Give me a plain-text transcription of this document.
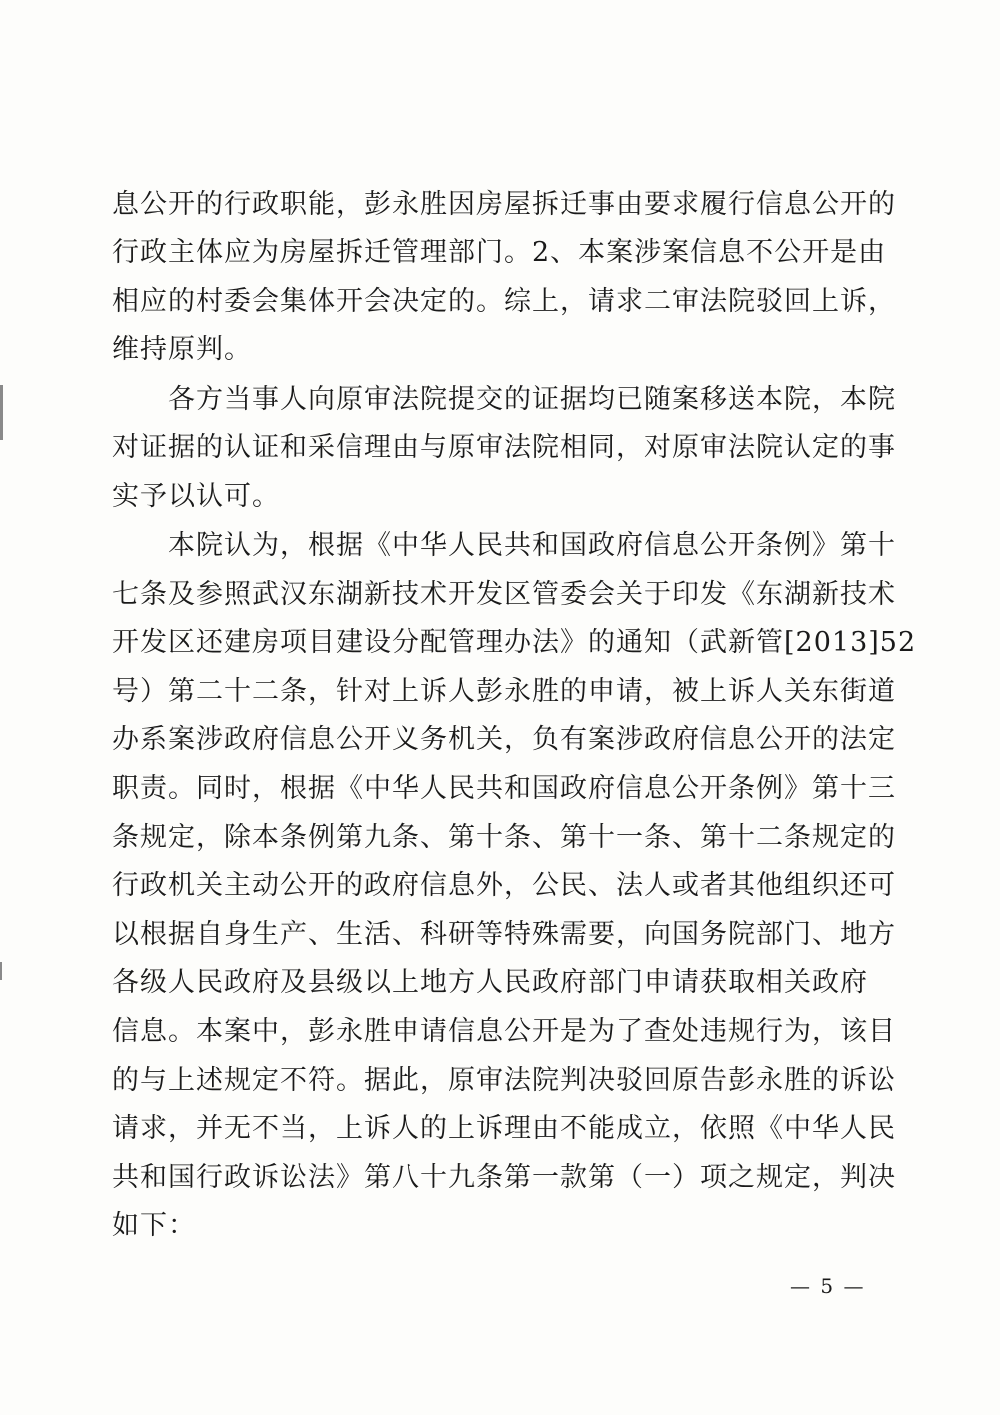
息公开的行政职能，彭永胜因房屋拆迁事由要求履行信息公开的
行政主体应为房屋拆迁管理部门。2、本案涉案信息不公开是由
相应的村委会集体开会决定的。综上，请求二审法院驳回上诉，
维持原判。
各方当事人向原审法院提交的证据均已随案移送本院，本院
对证据的认证和采信理由与原审法院相同，对原审法院认定的事
实予以认可。
本院认为，根据《中华人民共和国政府信息公开条例》第十
七条及参照武汉东湖新技术开发区管委会关于印发《东湖新技术
开发区还建房项目建设分配管理办法》的通知（武新管[2013]52
号）第二十二条，针对上诉人彭永胜的申请，被上诉人关东街道
办系案涉政府信息公开义务机关，负有案涉政府信息公开的法定
职责。同时，根据《中华人民共和国政府信息公开条例》第十三
条规定，除本条例第九条、第十条、第十一条、第十二条规定的
行政机关主动公开的政府信息外，公民、法人或者其他组织还可
以根据自身生产、生活、科研等特殊需要，向国务院部门、地方
各级人民政府及县级以上地方人民政府部门申请获取相关政府
信息。本案中，彭永胜申请信息公开是为了查处违规行为，该目
的与上述规定不符。据此，原审法院判决驳回原告彭永胜的诉讼
请求，并无不当，上诉人的上诉理由不能成立，依照《中华人民
共和国行政诉讼法》第八十九条第一款第（一）项之规定，判决
如下：
— 5 —
